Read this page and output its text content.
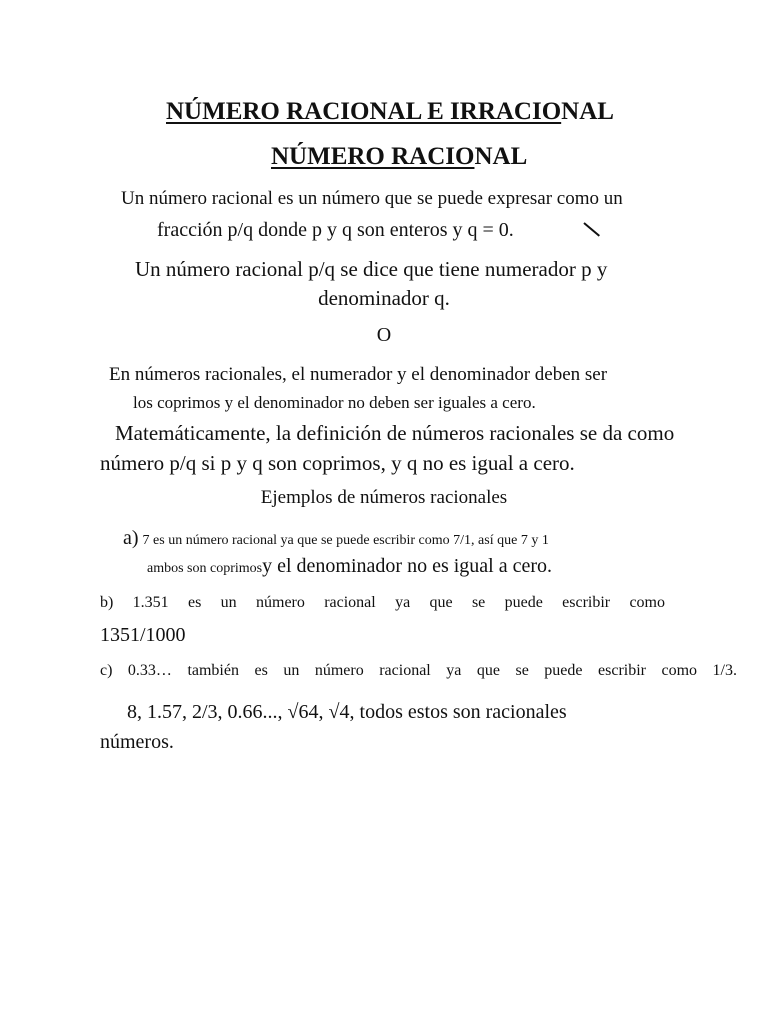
NÚMERO RACIONAL E IRRACIONAL
NÚMERO RACIONAL
Un número racional es un número que se puede expresar como un
fracción p/q donde p y q son enteros y q = 0.
Un número racional p/q se dice que tiene numerador p y
denominador q.
O
En números racionales, el numerador y el denominador deben ser
los coprimos y el denominador no deben ser iguales a cero.
Matemáticamente, la definición de números racionales se da como
número p/q si p y q son coprimos, y q no es igual a cero.
Ejemplos de números racionales
a) 7 es un número racional ya que se puede escribir como 7/1, así que 7 y 1
ambos son coprimosy el denominador no es igual a cero.
b) 1.351 es un número racional ya que se puede escribir como
1351/1000
c) 0.33… también es un número racional ya que se puede escribir como 1/3.
8, 1.57, 2/3, 0.66..., √64, √4, todos estos son racionales
números.
